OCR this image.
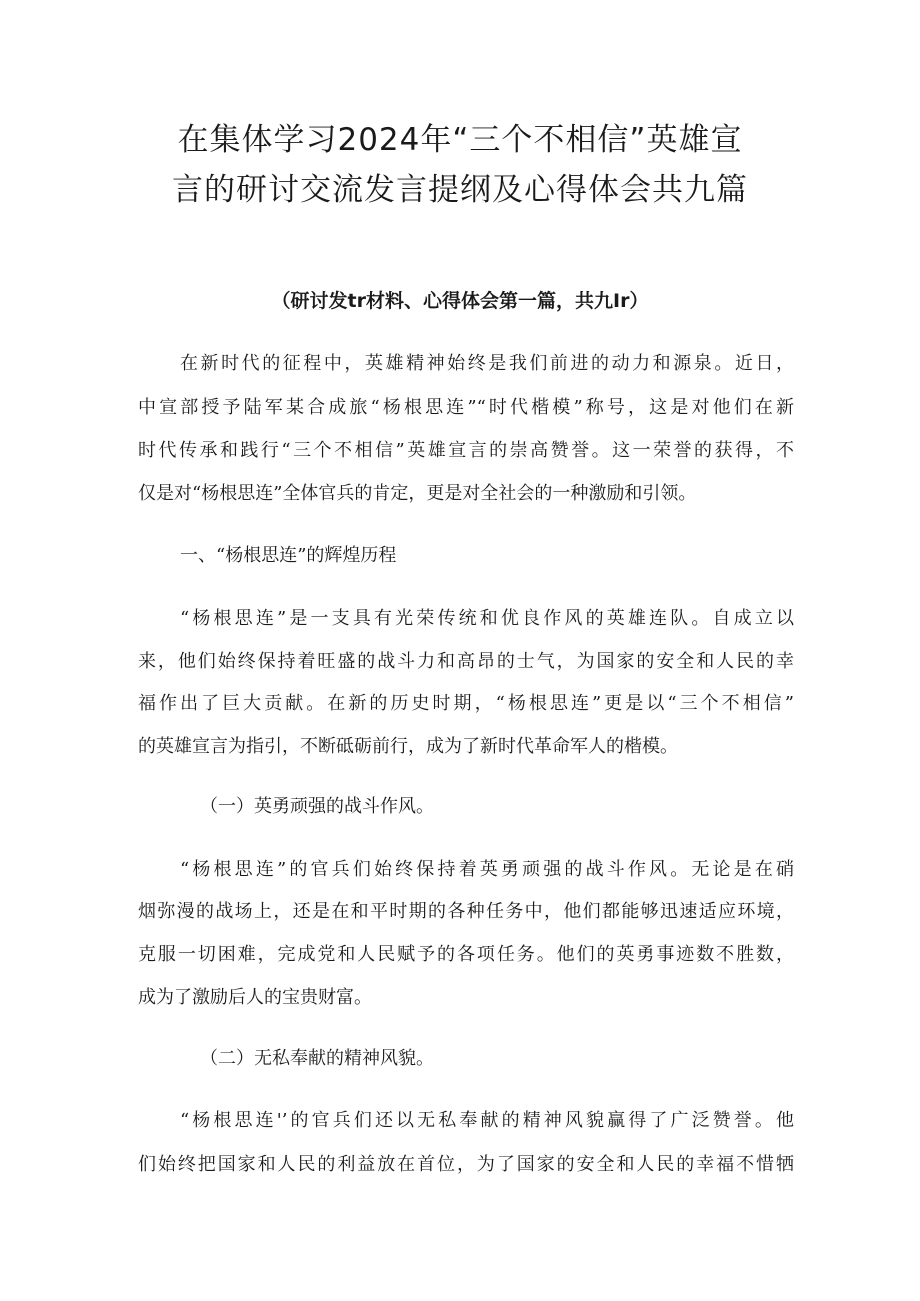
在集体学习2024年“三个不相信”英雄宣
言的研讨交流发言提纲及心得体会共九篇
（研讨发tr材料、心得体会第一篇，共九Ir）
在新时代的征程中，英雄精神始终是我们前进的动力和源泉。近日，
中宣部授予陆军某合成旅“杨根思连”“时代楷模”称号，这是对他们在新
时代传承和践行“三个不相信”英雄宣言的崇高赞誉。这一荣誉的获得，不
仅是对“杨根思连”全体官兵的肯定，更是对全社会的一种激励和引领。
一、“杨根思连”的辉煌历程
“杨根思连”是一支具有光荣传统和优良作风的英雄连队。自成立以
来，他们始终保持着旺盛的战斗力和高昂的士气，为国家的安全和人民的幸
福作出了巨大贡献。在新的历史时期，“杨根思连”更是以“三个不相信”
的英雄宣言为指引，不断砥砺前行，成为了新时代革命军人的楷模。
（一）英勇顽强的战斗作风。
“杨根思连”的官兵们始终保持着英勇顽强的战斗作风。无论是在硝
烟弥漫的战场上，还是在和平时期的各种任务中，他们都能够迅速适应环境，
克服一切困难，完成党和人民赋予的各项任务。他们的英勇事迹数不胜数，
成为了激励后人的宝贵财富。
（二）无私奉献的精神风貌。
“杨根思连'’的官兵们还以无私奉献的精神风貌赢得了广泛赞誉。他
们始终把国家和人民的利益放在首位，为了国家的安全和人民的幸福不惜牺
